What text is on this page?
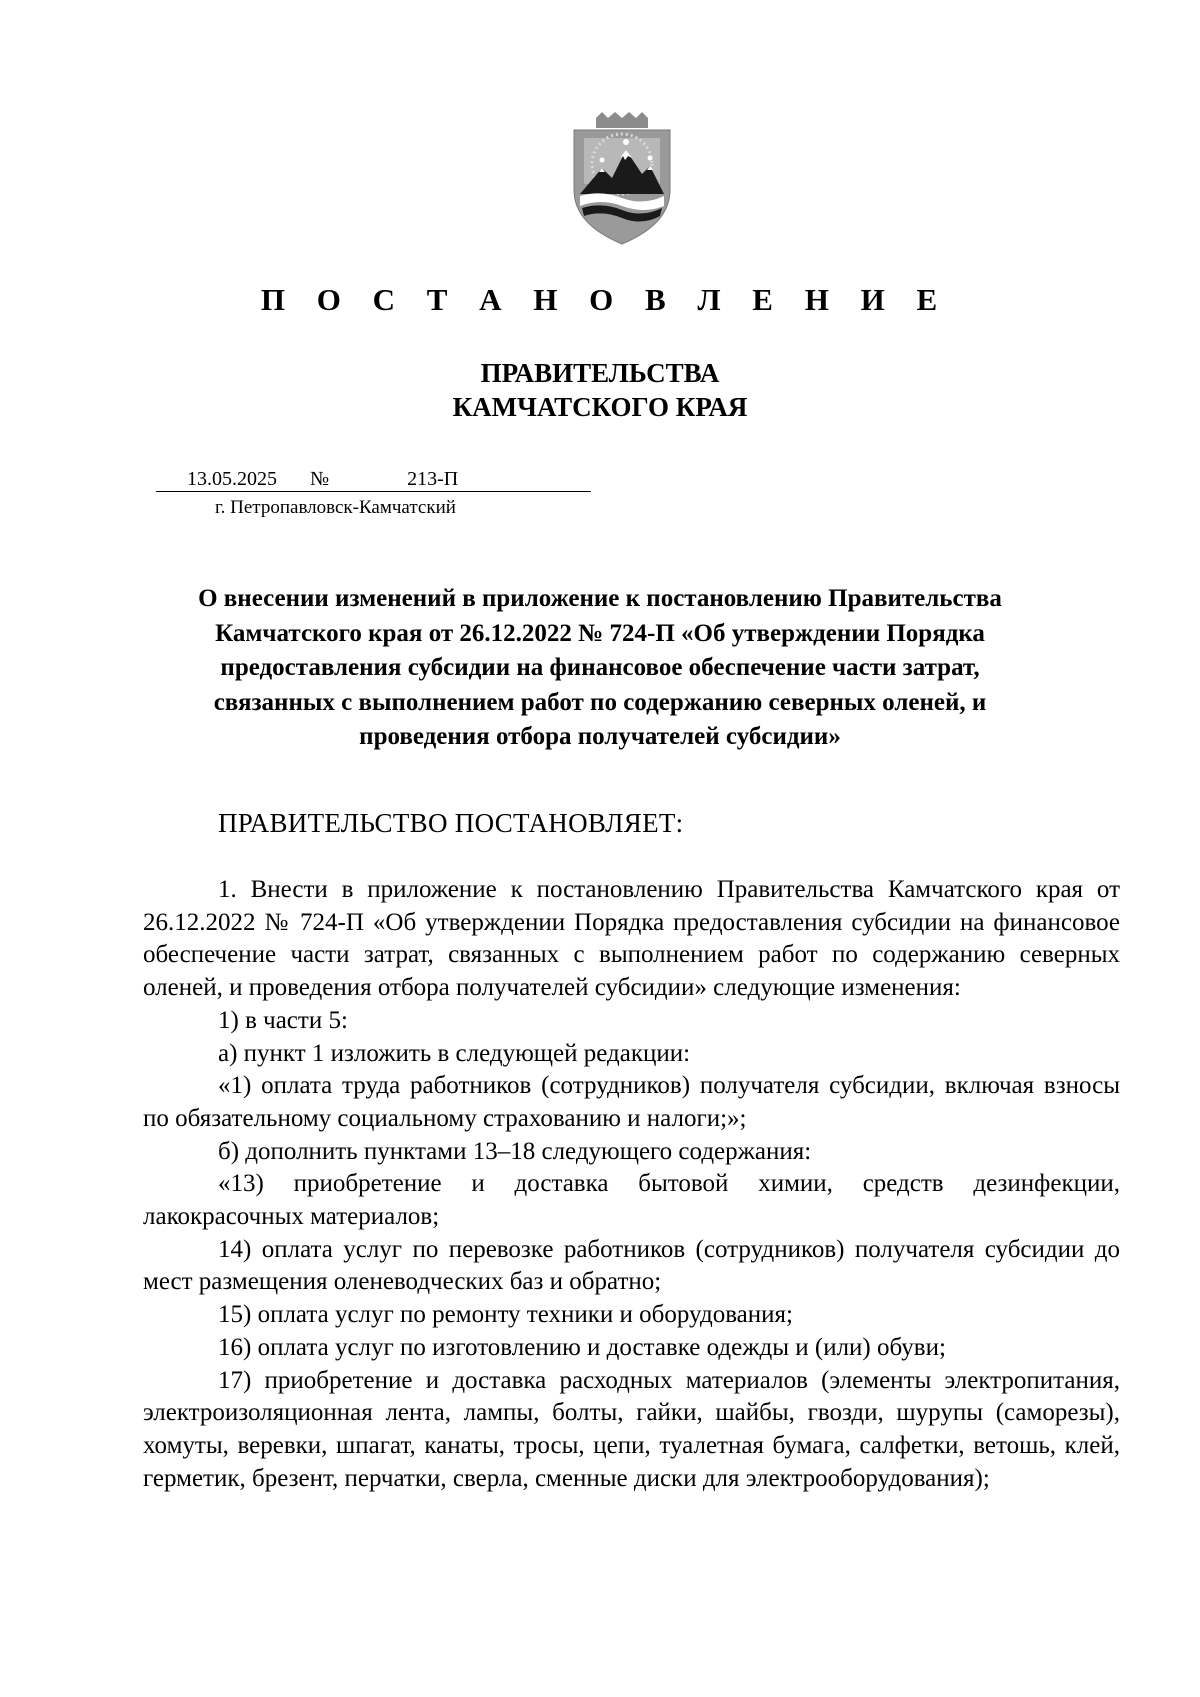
П О С Т А Н О В Л Е Н И Е
ПРАВИТЕЛЬСТВА
КАМЧАТСКОГО КРАЯ
13.05.2025	№	213-П
г. Петропавловск-Камчатский
О внесении изменений в приложение к постановлению Правительства
Камчатского края от 26.12.2022 № 724-П «Об утверждении Порядка
предоставления субсидии на финансовое обеспечение части затрат,
связанных с выполнением работ по содержанию северных оленей, и
проведения отбора получателей субсидии»
ПРАВИТЕЛЬСТВО ПОСТАНОВЛЯЕТ:

1. Внести в приложение к постановлению Правительства Камчатского края от 26.12.2022 № 724-П «Об утверждении Порядка предоставления субсидии на финансовое обеспечение части затрат, связанных с выполнением работ по содержанию северных оленей, и проведения отбора получателей субсидии» следующие изменения:

1) в части 5:

а) пункт 1 изложить в следующей редакции:

«1) оплата труда работников (сотрудников) получателя субсидии, включая взносы по обязательному социальному страхованию и налоги;»;

б) дополнить пунктами 13–18 следующего содержания:

«13) приобретение и доставка бытовой химии, средств дезинфекции, лакокрасочных материалов;

14) оплата услуг по перевозке работников (сотрудников) получателя субсидии до мест размещения оленеводческих баз и обратно;

15) оплата услуг по ремонту техники и оборудования;

16) оплата услуг по изготовлению и доставке одежды и (или) обуви;

17) приобретение и доставка расходных материалов (элементы электропитания, электроизоляционная лента, лампы, болты, гайки, шайбы, гвозди, шурупы (саморезы), хомуты, веревки, шпагат, канаты, тросы, цепи, туалетная бумага, салфетки, ветошь, клей, герметик, брезент, перчатки, сверла, сменные диски для электрооборудования);
